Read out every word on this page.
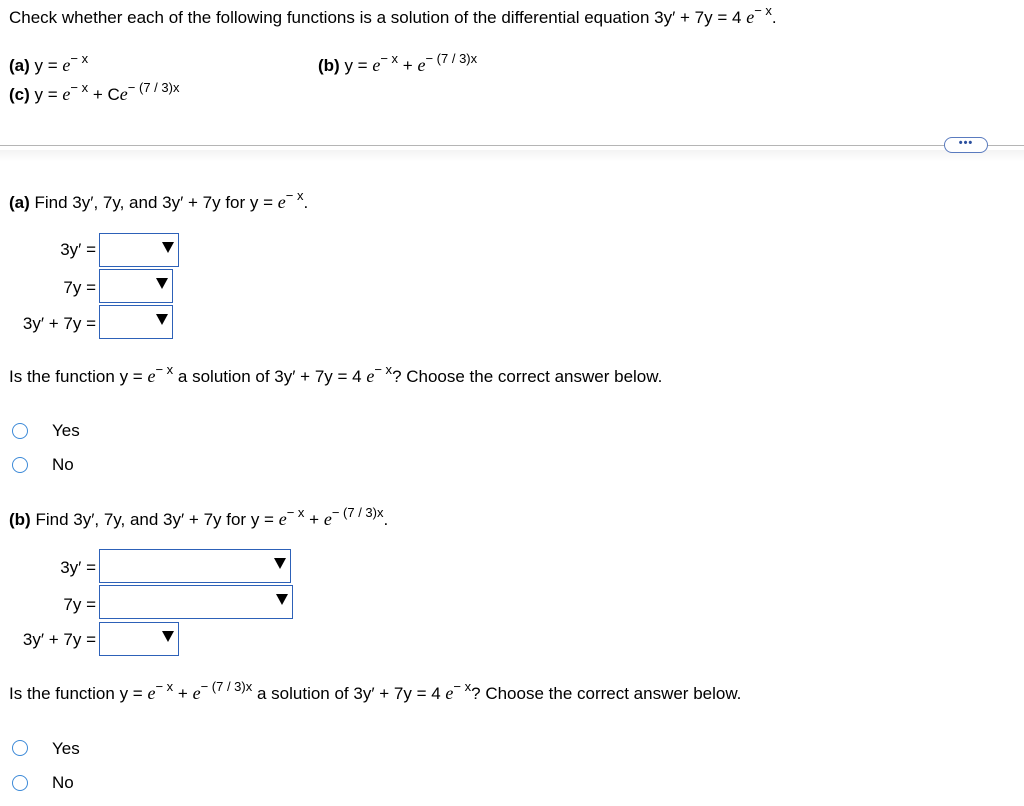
Check whether each of the following functions is a solution of the differential equation 3y′ + 7y = 4 $e^{- x}$.
(a) $y = e^{- x}$	(b) $y = e^{- x} + e^{- (7 / 3)x}$
(c) $y = e^{- x} + Ce^{- (7 / 3)x}$
•••
(a) Find 3y′, 7y, and 3y′ + 7y for $y = e^{- x}$.
3y′ =
7y =
3y′ + 7y =
Is the function $y = e^{- x}$ a solution of 3y′ + 7y = 4 $e^{- x}$? Choose the correct answer below.
Yes
No
(b) Find 3y′, 7y, and 3y′ + 7y for $y = e^{- x} + e^{- (7 / 3)x}$.
3y′ =
7y =
3y′ + 7y =
Is the function $y = e^{- x} + e^{- (7 / 3)x}$ a solution of 3y′ + 7y = 4 $e^{- x}$? Choose the correct answer below.
Yes
No
